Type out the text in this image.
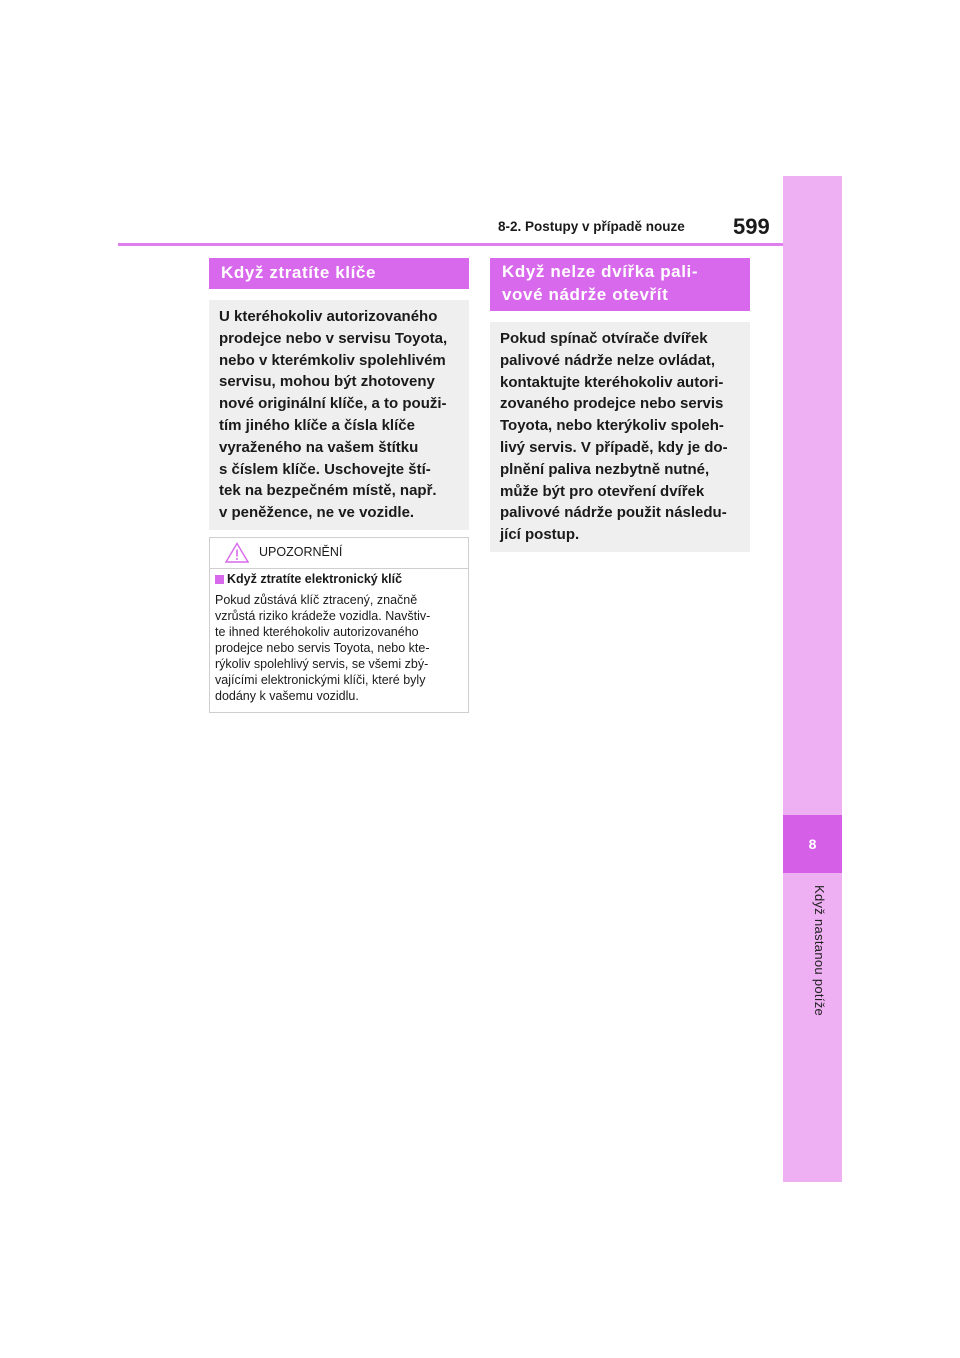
8
Když nastanou potíže
8-2. Postupy v případě nouze 599
Když ztratíte klíče

U kteréhokoliv autorizovaného

prodejce nebo v servisu Toyota,

nebo v kterémkoliv spolehlivém

servisu, mohou být zhotoveny

nové originální klíče, a to použi-

tím jiného klíče a čísla klíče

vyraženého na vašem štítku

s číslem klíče. Uschovejte ští-

tek na bezpečném místě, např.

v peněžence, ne ve vozidle.

UPOZORNĚNÍ
Když ztratíte elektronický klíč

Pokud zůstává klíč ztracený, značně

vzrůstá riziko krádeže vozidla. Navštiv-

te ihned kteréhokoliv autorizovaného

prodejce nebo servis Toyota, nebo kte-

rýkoliv spolehlivý servis, se všemi zbý-

vajícími elektronickými klíči, které byly

dodány k vašemu vozidlu.

Když nelze dvířka pali-
vové nádrže otevřít

Pokud spínač otvírače dvířek

palivové nádrže nelze ovládat,

kontaktujte kteréhokoliv autori-

zovaného prodejce nebo servis

Toyota, nebo kterýkoliv spoleh-

livý servis. V případě, kdy je do-

plnění paliva nezbytně nutné,

může být pro otevření dvířek

palivové nádrže použit následu-

jící postup.
